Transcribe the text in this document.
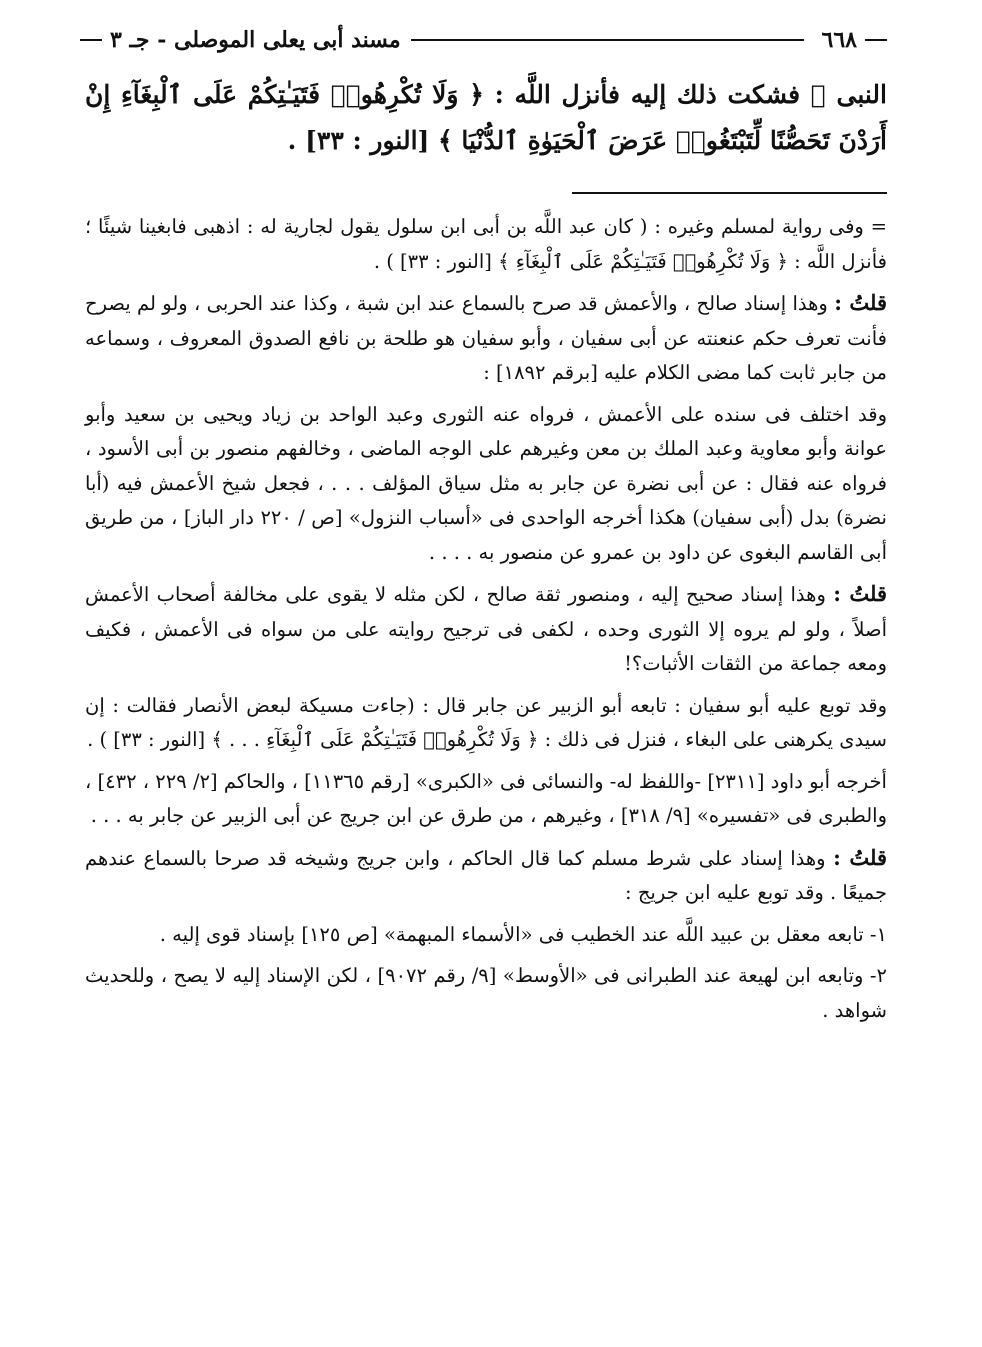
٦٦٨
مسند أبى يعلى الموصلى - جـ ٣

النبى ﷺ فشكت ذلك إليه فأنزل اللَّه : ﴿ وَلَا تُكْرِهُوا۟ فَتَيَـٰتِكُمْ عَلَى ٱلْبِغَآءِ إِنْ أَرَدْنَ تَحَصُّنًا لِّتَبْتَغُوا۟ عَرَضَ ٱلْحَيَوٰةِ ٱلدُّنْيَا ﴾ [النور : ٣٣] .

= وفى رواية لمسلم وغيره : ( كان عبد اللَّه بن أبى ابن سلول يقول لجارية له : اذهبى فابغينا شيئًا ؛ فأنزل اللَّه : ﴿ وَلَا تُكْرِهُوا۟ فَتَيَـٰتِكُمْ عَلَى ٱلْبِغَآءِ ﴾ [النور : ٣٣] ) .

قلتُ : وهذا إسناد صالح ، والأعمش قد صرح بالسماع عند ابن شبة ، وكذا عند الحربى ، ولو لم يصرح فأنت تعرف حكم عنعنته عن أبى سفيان ، وأبو سفيان هو طلحة بن نافع الصدوق المعروف ، وسماعه من جابر ثابت كما مضى الكلام عليه [برقم ١٨٩٢] :

وقد اختلف فى سنده على الأعمش ، فرواه عنه الثورى وعبد الواحد بن زياد ويحيى بن سعيد وأبو عوانة وأبو معاوية وعبد الملك بن معن وغيرهم على الوجه الماضى ، وخالفهم منصور بن أبى الأسود ، فرواه عنه فقال : عن أبى نضرة عن جابر به مثل سياق المؤلف . . . ، فجعل شيخ الأعمش فيه (أبا نضرة) بدل (أبى سفيان) هكذا أخرجه الواحدى فى «أسباب النزول» [ص / ٢٢٠ دار الباز] ، من طريق أبى القاسم البغوى عن داود بن عمرو عن منصور به . . . .

قلتُ : وهذا إسناد صحيح إليه ، ومنصور ثقة صالح ، لكن مثله لا يقوى على مخالفة أصحاب الأعمش أصلاً ، ولو لم يروه إلا الثورى وحده ، لكفى فى ترجيح روايته على من سواه فى الأعمش ، فكيف ومعه جماعة من الثقات الأثبات؟!

وقد توبع عليه أبو سفيان : تابعه أبو الزبير عن جابر قال : (جاءت مسيكة لبعض الأنصار فقالت : إن سيدى يكرهنى على البغاء ، فنزل فى ذلك : ﴿ وَلَا تُكْرِهُوا۟ فَتَيَـٰتِكُمْ عَلَى ٱلْبِغَآءِ . . . ﴾ [النور : ٣٣] ) .

أخرجه أبو داود [٢٣١١] -واللفظ له- والنسائى فى «الكبرى» [رقم ١١٣٦٥] ، والحاكم [٢/ ٢٢٩ ، ٤٣٢] ، والطبرى فى «تفسيره» [٩/ ٣١٨] ، وغيرهم ، من طرق عن ابن جريج عن أبى الزبير عن جابر به . . .

قلتُ : وهذا إسناد على شرط مسلم كما قال الحاكم ، وابن جريج وشيخه قد صرحا بالسماع عندهم جميعًا . وقد توبع عليه ابن جريج :

١- تابعه معقل بن عبيد اللَّه عند الخطيب فى «الأسماء المبهمة» [ص ١٢٥] بإسناد قوى إليه .

٢- وتابعه ابن لهيعة عند الطبرانى فى «الأوسط» [٩/ رقم ٩٠٧٢] ، لكن الإسناد إليه لا يصح ، وللحديث شواهد .
